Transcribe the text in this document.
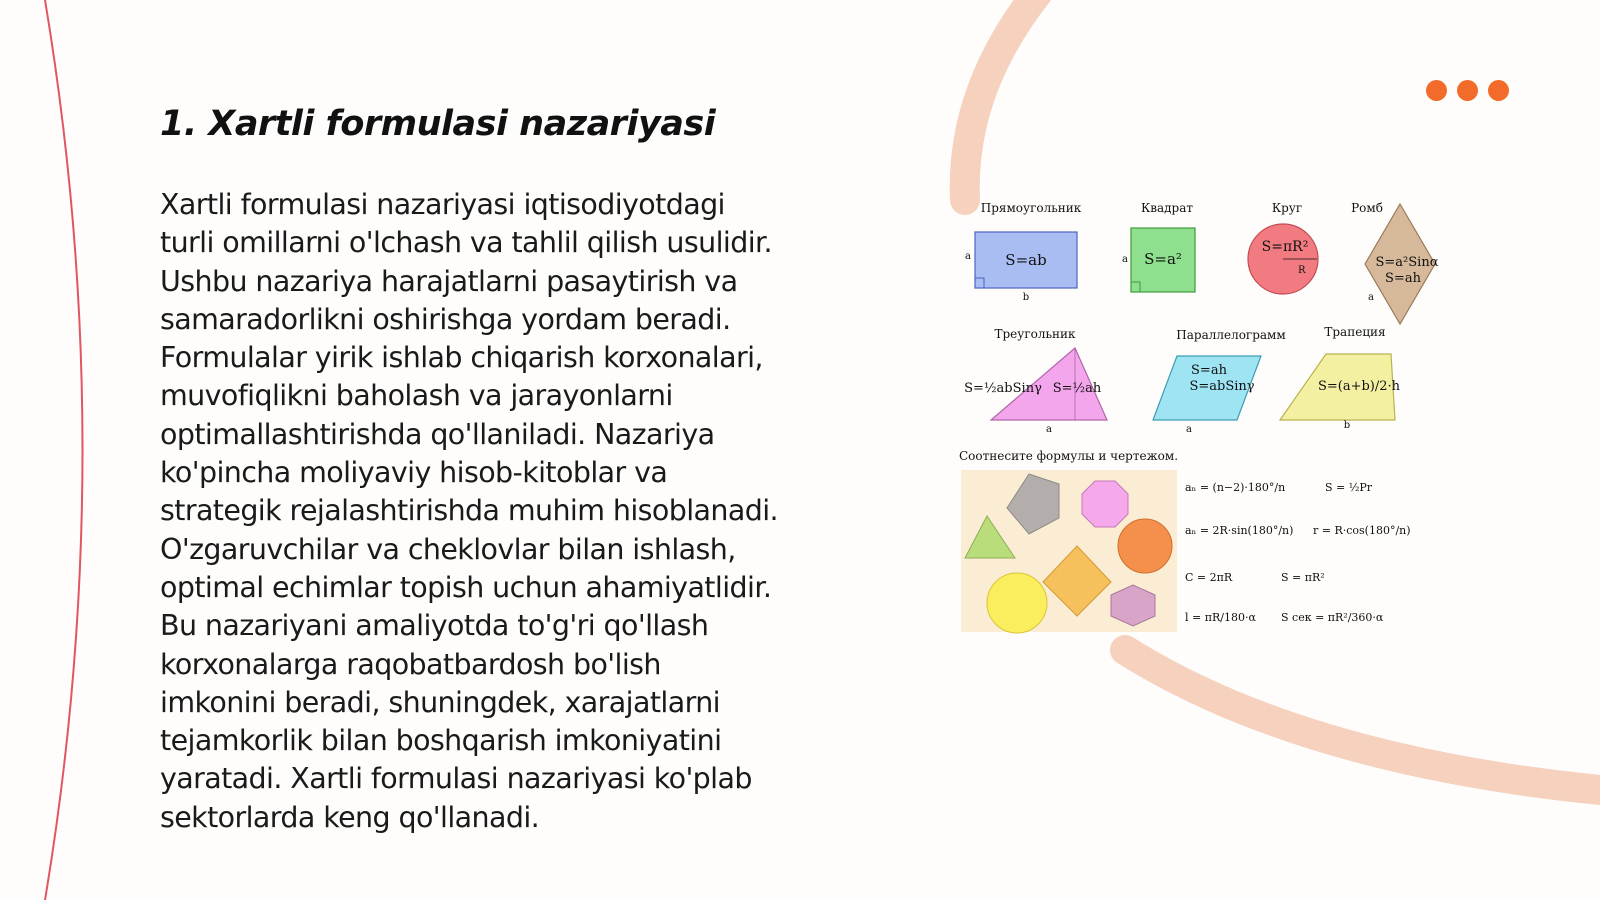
1. Xartli formulasi nazariyasi

Xartli formulasi nazariyasi iqtisodiyotdagi
turli omillarni o'lchash va tahlil qilish usulidir.
Ushbu nazariya harajatlarni pasaytirish va
samaradorlikni oshirishga yordam beradi.
Formulalar yirik ishlab chiqarish korxonalari,
muvofiqlikni baholash va jarayonlarni
optimallashtirishda qo'llaniladi. Nazariya
ko'pincha moliyaviy hisob-kitoblar va
strategik rejalashtirishda muhim hisoblanadi.
O'zgaruvchilar va cheklovlar bilan ishlash,
optimal echimlar topish uchun ahamiyatlidir.
Bu nazariyani amaliyotda to'g'ri qo'llash
korxonalarga raqobatbardosh bo'lish
imkonini beradi, shuningdek, xarajatlarni
tejamkorlik bilan boshqarish imkoniyatini
yaratadi. Xartli formulasi nazariyasi ko'plab
sektorlarda keng qo'llanadi.

Прямоугольник
S=ab
a
b
Квадрат
S=a²
a
Круг
S=πR²
R
Ромб
S=a²Sinα
S=ah
a
Треугольник
S=½abSinγ S=½ah
a
Параллелограмм
S=ah
S=abSinγ
a
Трапеция
S=(a+b)/2·h
b
Соотнесите формулы и чертежом.
aₙ = (n−2)·180°/n	S = ½Pr
aₙ = 2R·sin(180°/n) r = R·cos(180°/n)
C = 2πR	S = πR²
l = πR/180·α S сек = πR²/360·α
